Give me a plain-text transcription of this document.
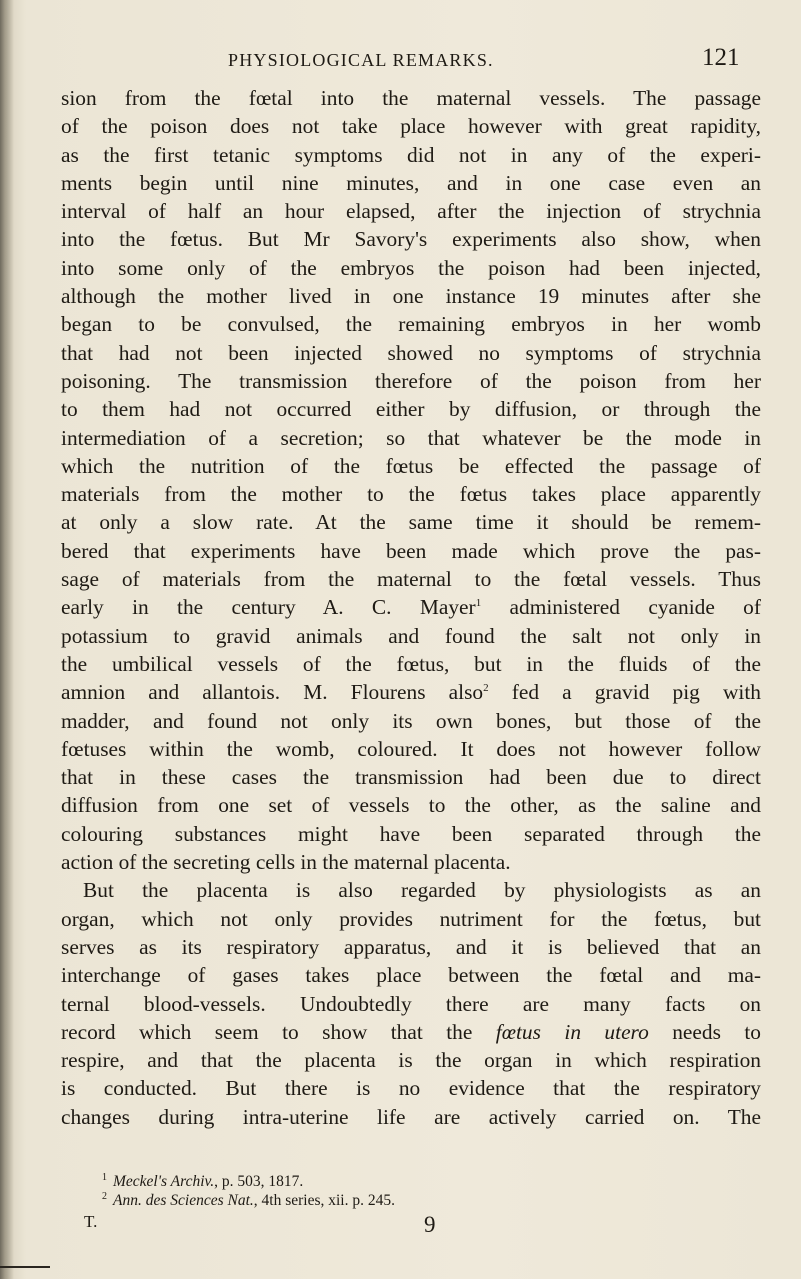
PHYSIOLOGICAL REMARKS.	121
sion from the fœtal into the maternal vessels. The passage
of the poison does not take place however with great rapidity,
as the first tetanic symptoms did not in any of the experi-
ments begin until nine minutes, and in one case even an
interval of half an hour elapsed, after the injection of strychnia
into the fœtus. But Mr Savory's experiments also show, when
into some only of the embryos the poison had been injected,
although the mother lived in one instance 19 minutes after she
began to be convulsed, the remaining embryos in her womb
that had not been injected showed no symptoms of strychnia
poisoning. The transmission therefore of the poison from her
to them had not occurred either by diffusion, or through the
intermediation of a secretion; so that whatever be the mode in
which the nutrition of the fœtus be effected the passage of
materials from the mother to the fœtus takes place apparently
at only a slow rate. At the same time it should be remem-
bered that experiments have been made which prove the pas-
sage of materials from the maternal to the fœtal vessels. Thus
early in the century A. C. Mayer$^1$ administered cyanide of
potassium to gravid animals and found the salt not only in
the umbilical vessels of the fœtus, but in the fluids of the
amnion and allantois. M. Flourens also$^2$ fed a gravid pig with
madder, and found not only its own bones, but those of the
fœtuses within the womb, coloured. It does not however follow
that in these cases the transmission had been due to direct
diffusion from one set of vessels to the other, as the saline and
colouring substances might have been separated through the
action of the secreting cells in the maternal placenta.
But the placenta is also regarded by physiologists as an
organ, which not only provides nutriment for the fœtus, but
serves as its respiratory apparatus, and it is believed that an
interchange of gases takes place between the fœtal and ma-
ternal blood-vessels. Undoubtedly there are many facts on
record which seem to show that the fœtus in utero needs to
respire, and that the placenta is the organ in which respiration
is conducted. But there is no evidence that the respiratory
changes during intra-uterine life are actively carried on. The
$^1$ Meckel's Archiv., p. 503, 1817.
$^2$ Ann. des Sciences Nat., 4th series, xii. p. 245.
T.	9
